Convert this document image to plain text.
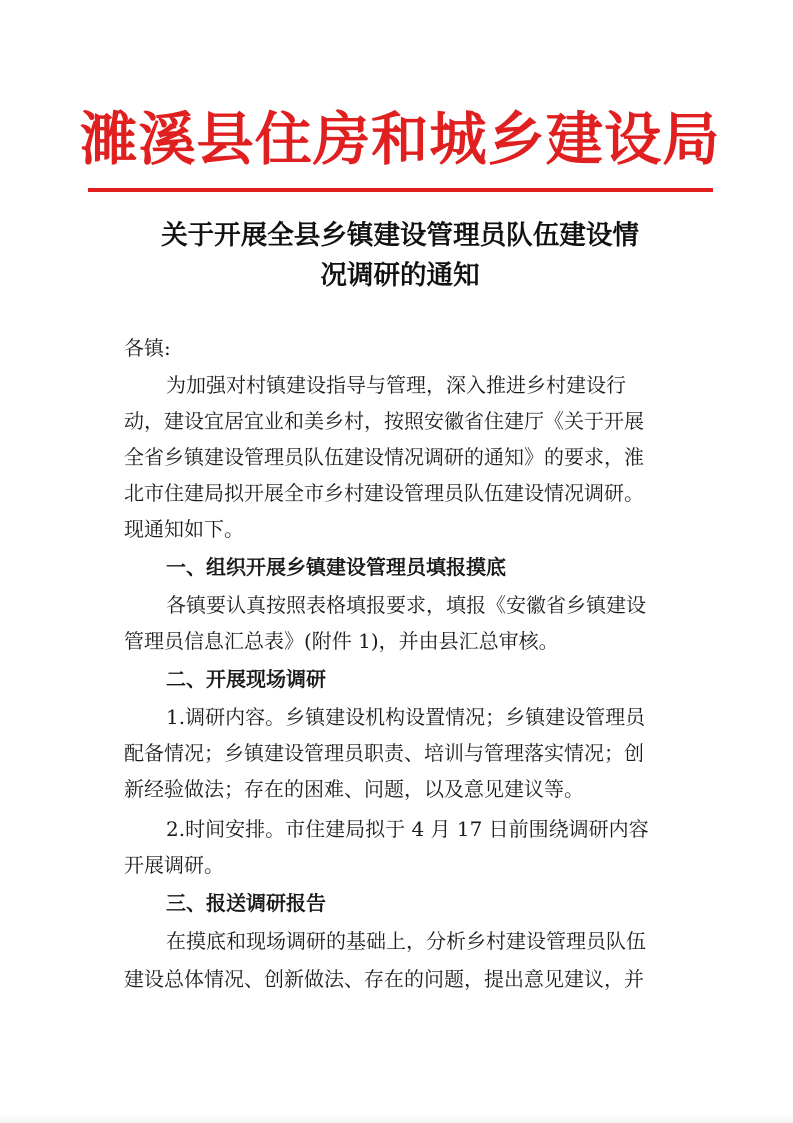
濉溪县住房和城乡建设局
关于开展全县乡镇建设管理员队伍建设情
况调研的通知
各镇:
为加强对村镇建设指导与管理，深入推进乡村建设行
动，建设宜居宜业和美乡村，按照安徽省住建厅《关于开展
全省乡镇建设管理员队伍建设情况调研的通知》的要求，淮
北市住建局拟开展全市乡村建设管理员队伍建设情况调研。
现通知如下。
一、组织开展乡镇建设管理员填报摸底
各镇要认真按照表格填报要求，填报《安徽省乡镇建设
管理员信息汇总表》(附件 1)，并由县汇总审核。
二、开展现场调研
1.调研内容。乡镇建设机构设置情况；乡镇建设管理员
配备情况；乡镇建设管理员职责、培训与管理落实情况；创
新经验做法；存在的困难、问题，以及意见建议等。
2.时间安排。市住建局拟于 4 月 17 日前围绕调研内容
开展调研。
三、报送调研报告
在摸底和现场调研的基础上，分析乡村建设管理员队伍
建设总体情况、创新做法、存在的问题，提出意见建议，并
